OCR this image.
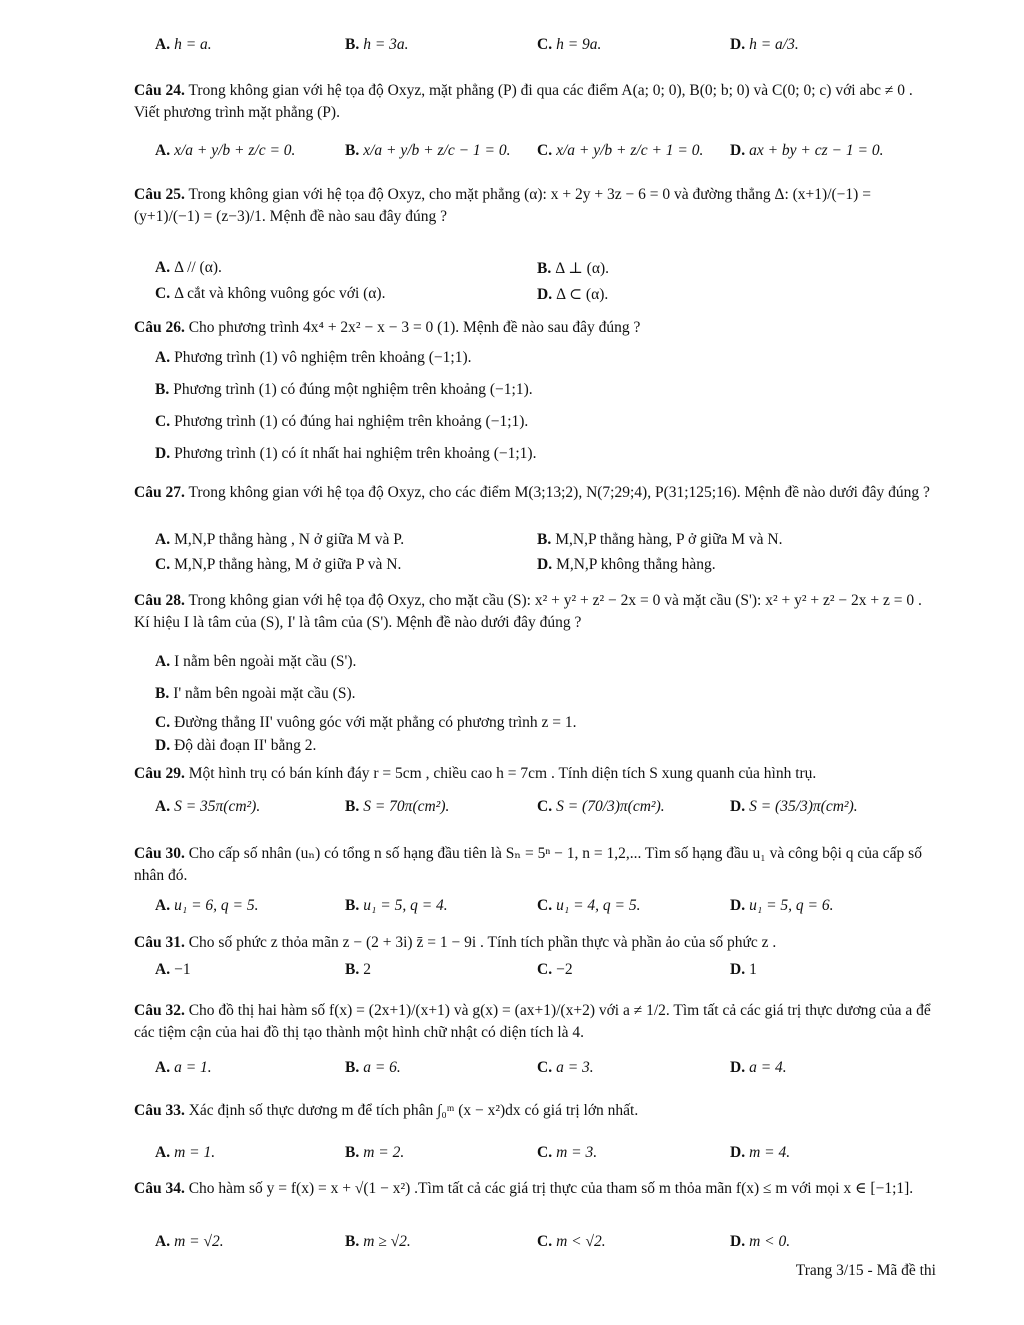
A. h = a.	B. h = 3a.	C. h = 9a.	D. h = a/3.
Câu 24. Trong không gian với hệ tọa độ Oxyz, mặt phẳng (P) đi qua các điểm A(a; 0; 0), B(0; b; 0) và C(0; 0; c) với abc ≠ 0 . Viết phương trình mặt phẳng (P).
A. x/a + y/b + z/c = 0.	B. x/a + y/b + z/c − 1 = 0. C. x/a + y/b + z/c + 1 = 0. D. ax + by + cz − 1 = 0.
Câu 25. Trong không gian với hệ tọa độ Oxyz, cho mặt phẳng (α): x + 2y + 3z − 6 = 0 và đường thẳng Δ: (x+1)/(−1) = (y+1)/(−1) = (z−3)/1. Mệnh đề nào sau đây đúng ?
A. Δ // (α).	B. Δ ⊥ (α).
C. Δ cắt và không vuông góc với (α).	D. Δ ⊂ (α).
Câu 26. Cho phương trình 4x⁴ + 2x² − x − 3 = 0 (1). Mệnh đề nào sau đây đúng ?
A. Phương trình (1) vô nghiệm trên khoảng (−1;1).
B. Phương trình (1) có đúng một nghiệm trên khoảng (−1;1).
C. Phương trình (1) có đúng hai nghiệm trên khoảng (−1;1).
D. Phương trình (1) có ít nhất hai nghiệm trên khoảng (−1;1).
Câu 27. Trong không gian với hệ tọa độ Oxyz, cho các điểm M(3;13;2), N(7;29;4), P(31;125;16). Mệnh đề nào dưới đây đúng ?
A. M,N,P thẳng hàng , N ở giữa M và P.	B. M,N,P thẳng hàng, P ở giữa M và N.
C. M,N,P thẳng hàng, M ở giữa P và N.	D. M,N,P không thẳng hàng.
Câu 28. Trong không gian với hệ tọa độ Oxyz, cho mặt cầu (S): x² + y² + z² − 2x = 0 và mặt cầu (S'): x² + y² + z² − 2x + z = 0 . Kí hiệu I là tâm của (S), I' là tâm của (S'). Mệnh đề nào dưới đây đúng ?
A. I nằm bên ngoài mặt cầu (S').
B. I' nằm bên ngoài mặt cầu (S).
C. Đường thẳng II' vuông góc với mặt phẳng có phương trình z = 1.
D. Độ dài đoạn II' bằng 2.
Câu 29. Một hình trụ có bán kính đáy r = 5cm , chiều cao h = 7cm . Tính diện tích S xung quanh của hình trụ.
A. S = 35π(cm²).	B. S = 70π(cm²).	C. S = (70/3)π(cm²).	D. S = (35/3)π(cm²).
Câu 30. Cho cấp số nhân (uₙ) có tổng n số hạng đầu tiên là Sₙ = 5ⁿ − 1, n = 1,2,... Tìm số hạng đầu u₁ và công bội q của cấp số nhân đó.
A. u₁ = 6, q = 5.	B. u₁ = 5, q = 4.	C. u₁ = 4, q = 5.	D. u₁ = 5, q = 6.
Câu 31. Cho số phức z thỏa mãn z − (2 + 3i) z̄ = 1 − 9i . Tính tích phần thực và phần ảo của số phức z .
A. −1	B. 2	C. −2	D. 1
Câu 32. Cho đồ thị hai hàm số f(x) = (2x+1)/(x+1) và g(x) = (ax+1)/(x+2) với a ≠ 1/2. Tìm tất cả các giá trị thực dương của a để các tiệm cận của hai đồ thị tạo thành một hình chữ nhật có diện tích là 4.
A. a = 1.	B. a = 6.	C. a = 3.	D. a = 4.
Câu 33. Xác định số thực dương m để tích phân ∫₀ᵐ (x − x²)dx có giá trị lớn nhất.
A. m = 1.	B. m = 2.	C. m = 3.	D. m = 4.
Câu 34. Cho hàm số y = f(x) = x + √(1 − x²) .Tìm tất cả các giá trị thực của tham số m thỏa mãn f(x) ≤ m với mọi x ∈ [−1;1].
A. m = √2.	B. m ≥ √2.	C. m < √2.	D. m < 0.
Trang 3/15 - Mã đề thi
